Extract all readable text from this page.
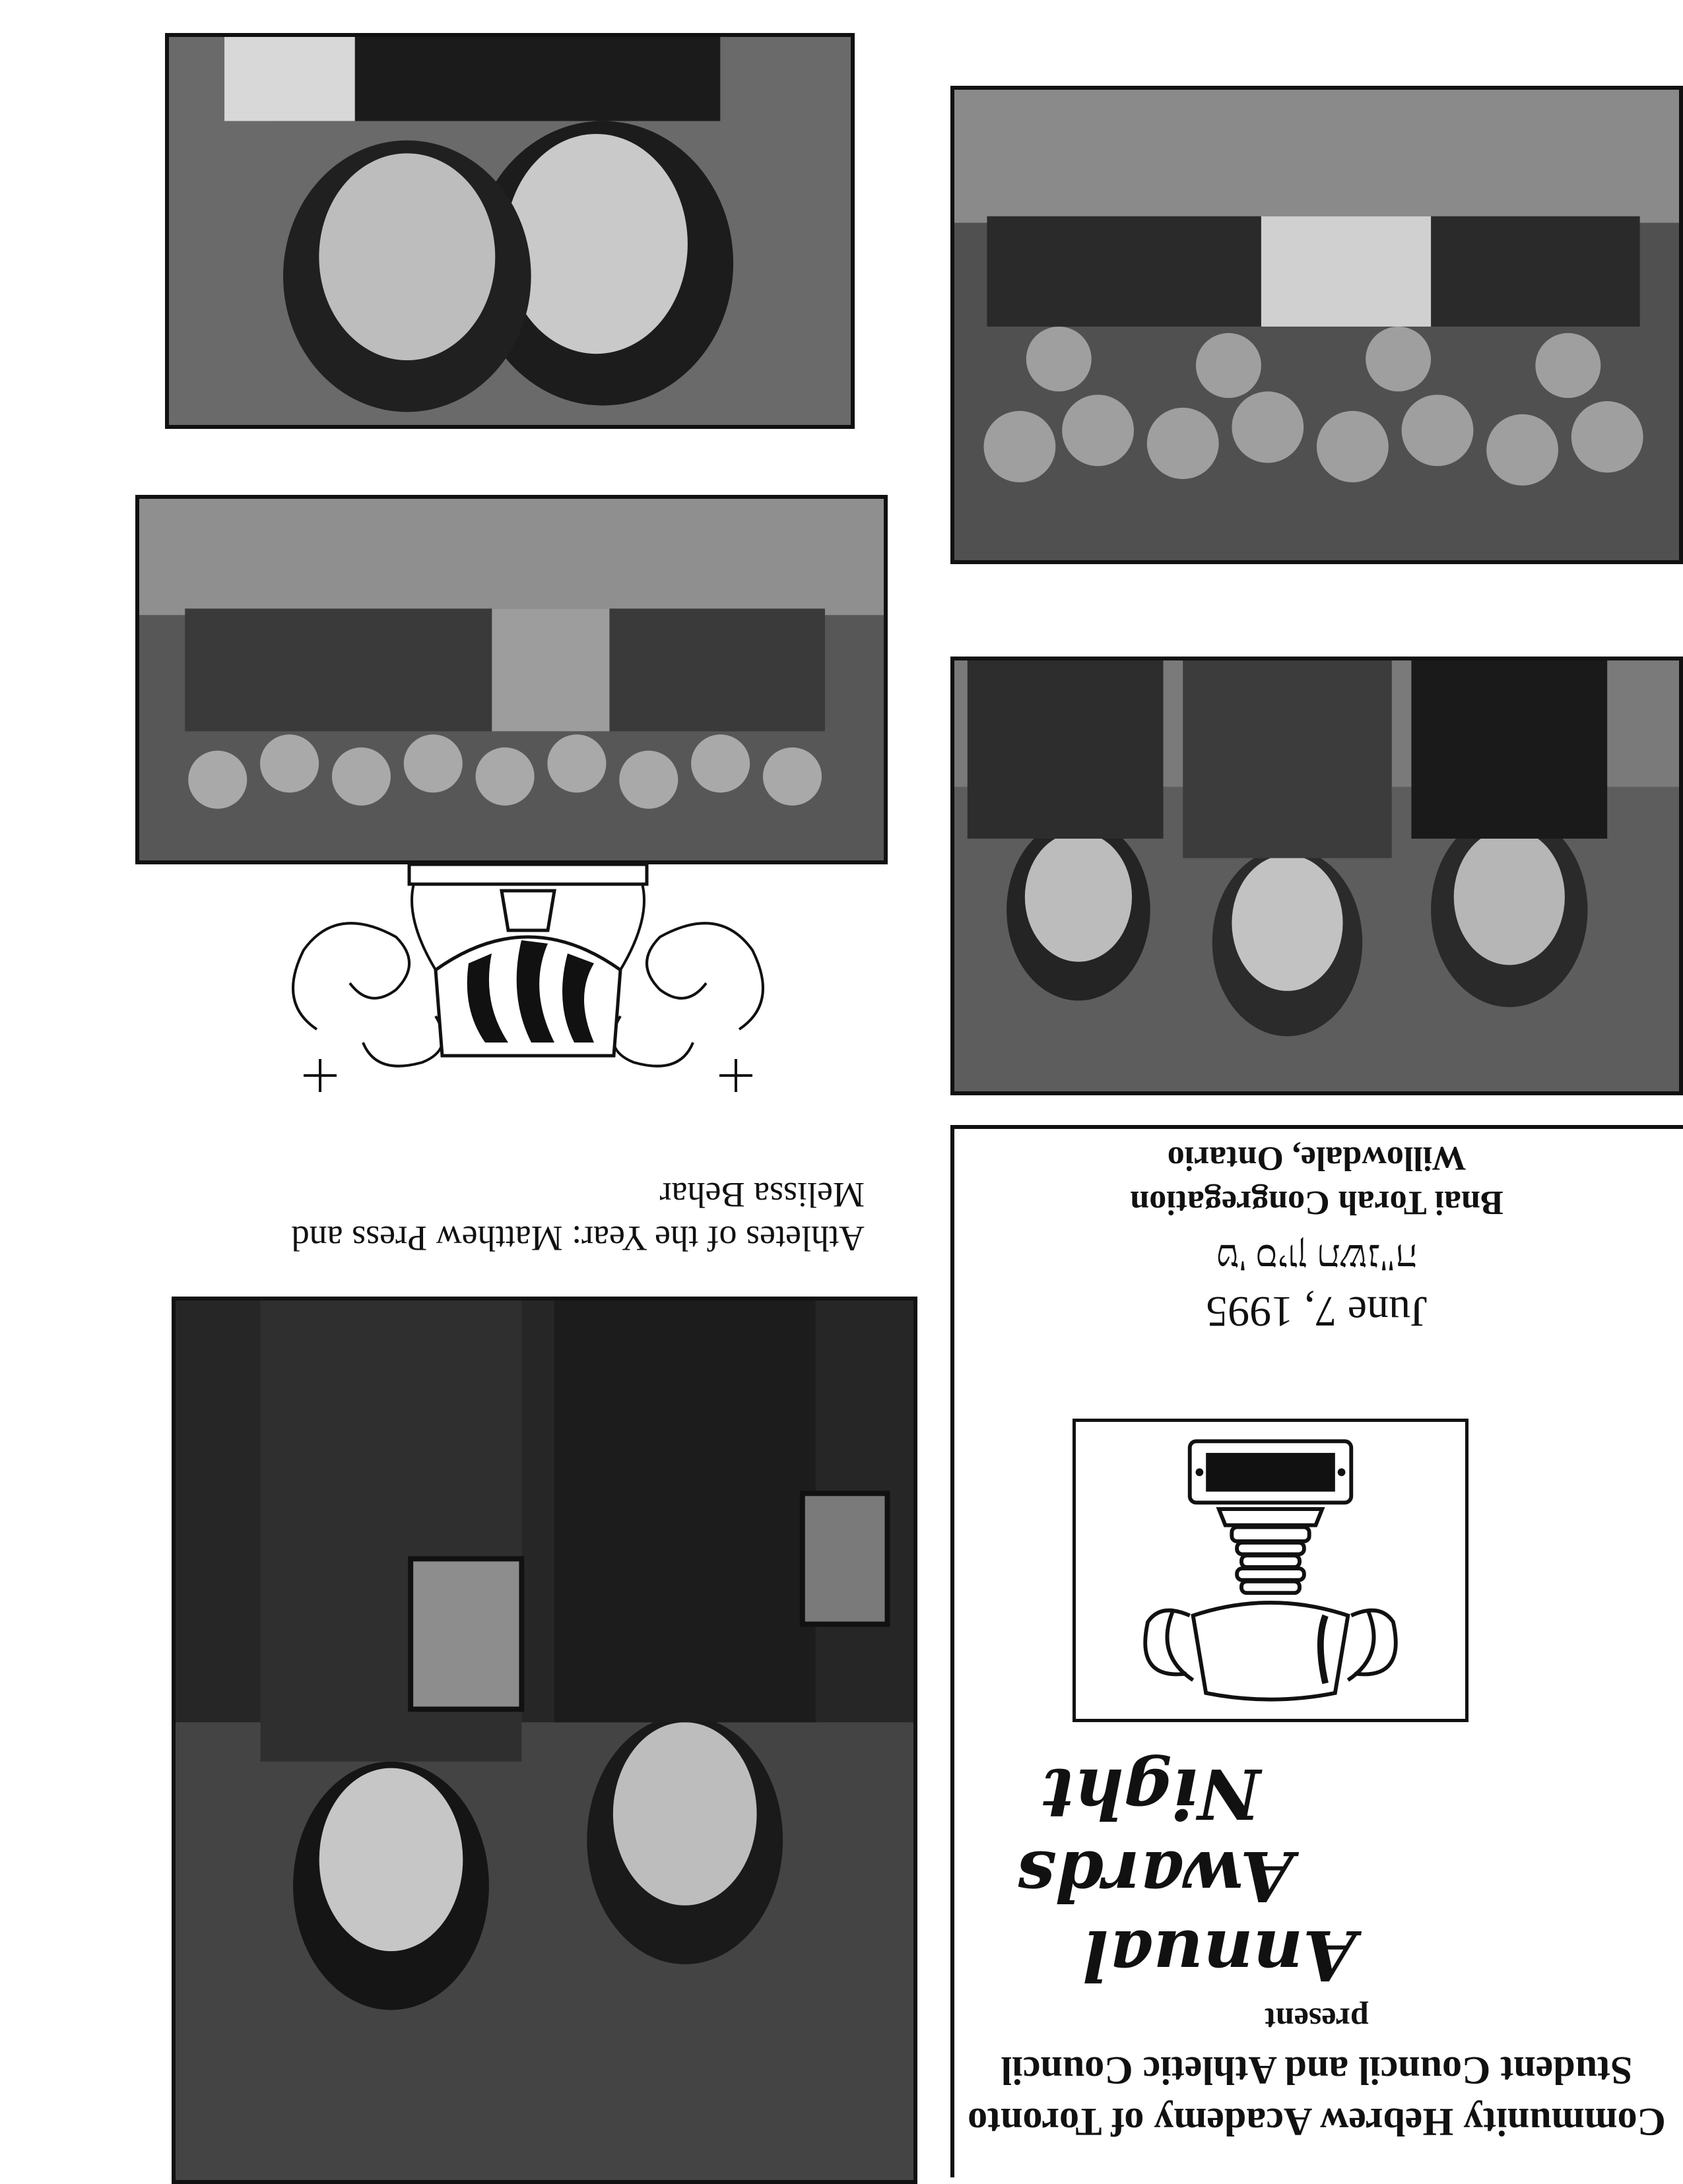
Community Hebrew Academy of Toronto
Student Council and Athletic Council
present
Annual
Awards
Night
June 7, 1995
ט' סיון תשנ"ה
Bnai Torah Congregation
Willowdale, Ontario
Athletes of the Year: Matthew Press and
Melissa Behar
